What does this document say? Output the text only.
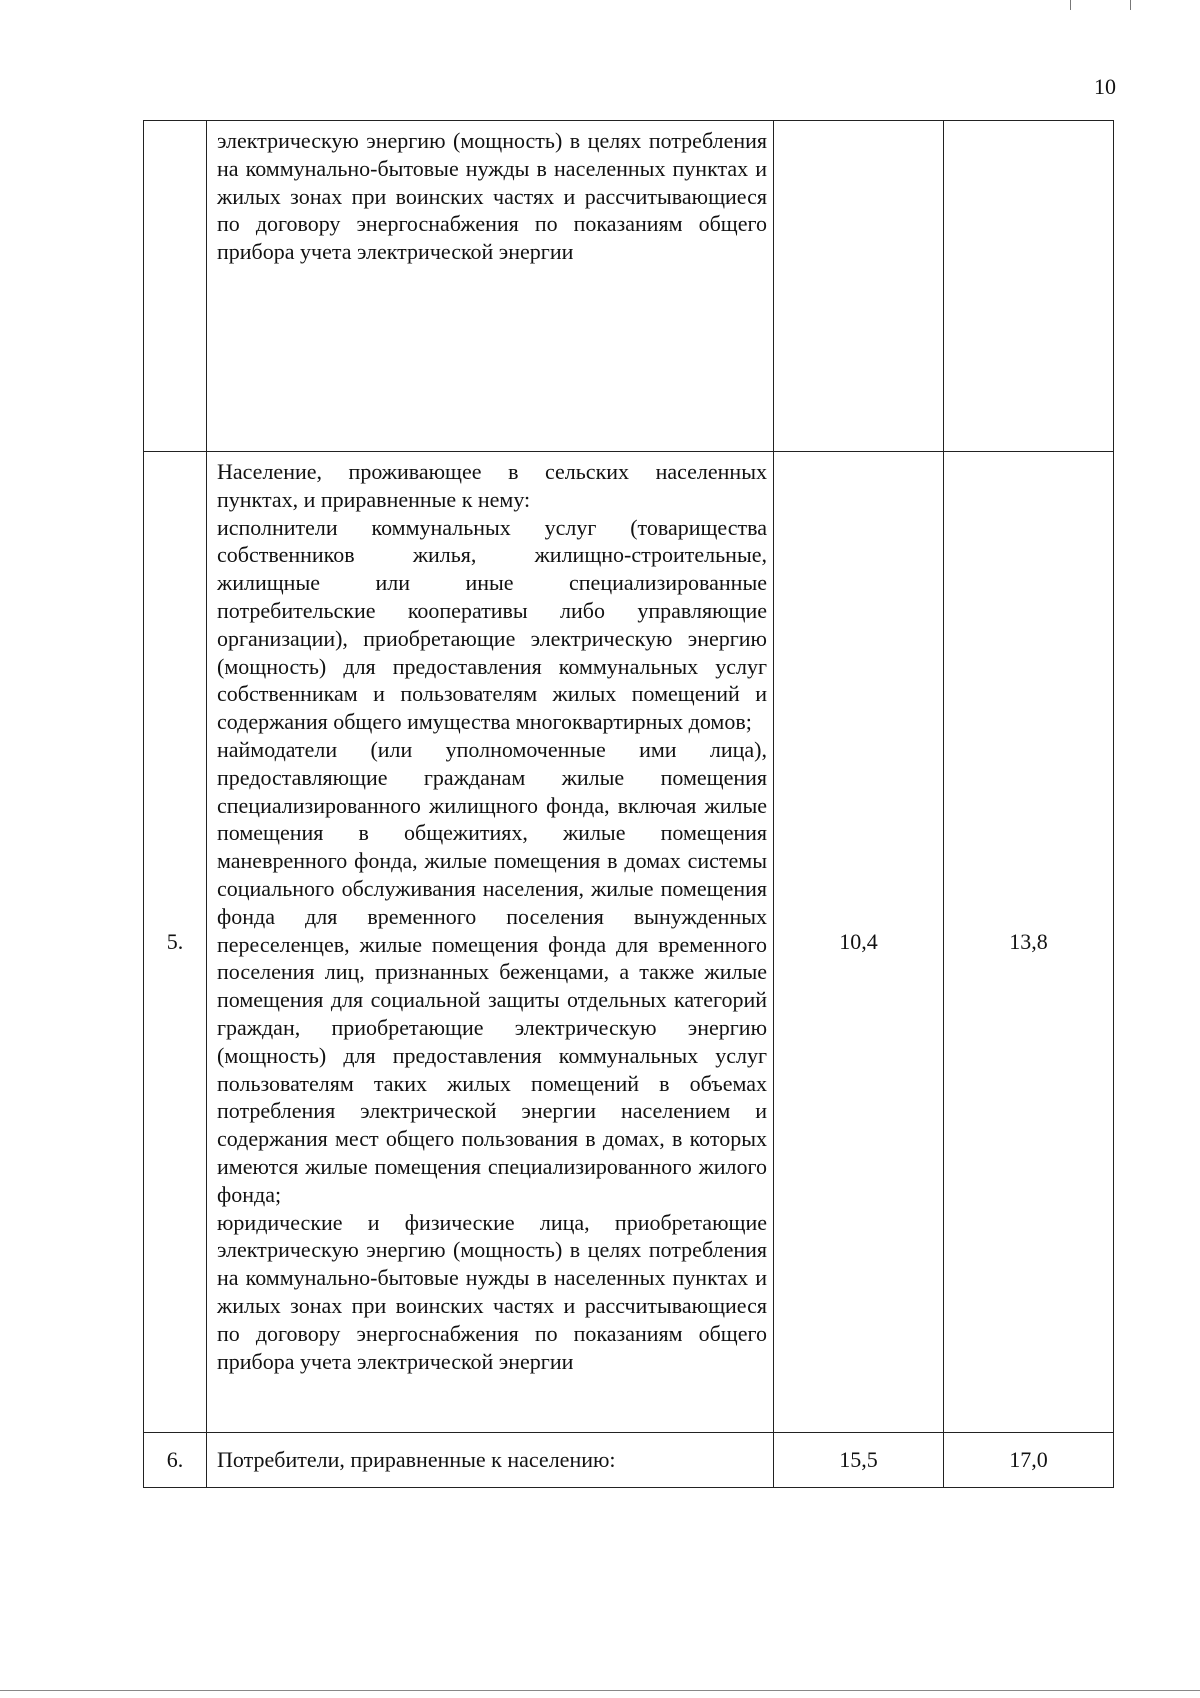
10

	электрическую энергию (мощность) в целях потребления на коммунально-бытовые нужды в населенных пунктах и жилых зонах при воинских частях и рассчитывающиеся по договору энергоснабжения по показаниям общего прибора учета электрической энергии		

5.	Население, проживающее в сельских населенных пунктах, и приравненные к нему:
исполнители коммунальных услуг (товарищества собственников жилья, жилищно-строительные, жилищные или иные специализированные потребительские кооперативы либо управляющие организации), приобретающие электрическую энергию (мощность) для предоставления коммунальных услуг собственникам и пользователям жилых помещений и содержания общего имущества многоквартирных домов;
наймодатели (или уполномоченные ими лица), предоставляющие гражданам жилые помещения специализированного жилищного фонда, включая жилые помещения в общежитиях, жилые помещения маневренного фонда, жилые помещения в домах системы социального обслуживания населения, жилые помещения фонда для временного поселения вынужденных переселенцев, жилые помещения фонда для временного поселения лиц, признанных беженцами, а также жилые помещения для социальной защиты отдельных категорий граждан, приобретающие электрическую энергию (мощность) для предоставления коммунальных услуг пользователям таких жилых помещений в объемах потребления электрической энергии населением и содержания мест общего пользования в домах, в которых имеются жилые помещения специализированного жилого фонда;
юридические и физические лица, приобретающие электрическую энергию (мощность) в целях потребления на коммунально-бытовые нужды в населенных пунктах и жилых зонах при воинских частях и рассчитывающиеся по договору энергоснабжения по показаниям общего прибора учета электрической энергии	10,4	13,8
6.	Потребители, приравненные к населению:	15,5	17,0
